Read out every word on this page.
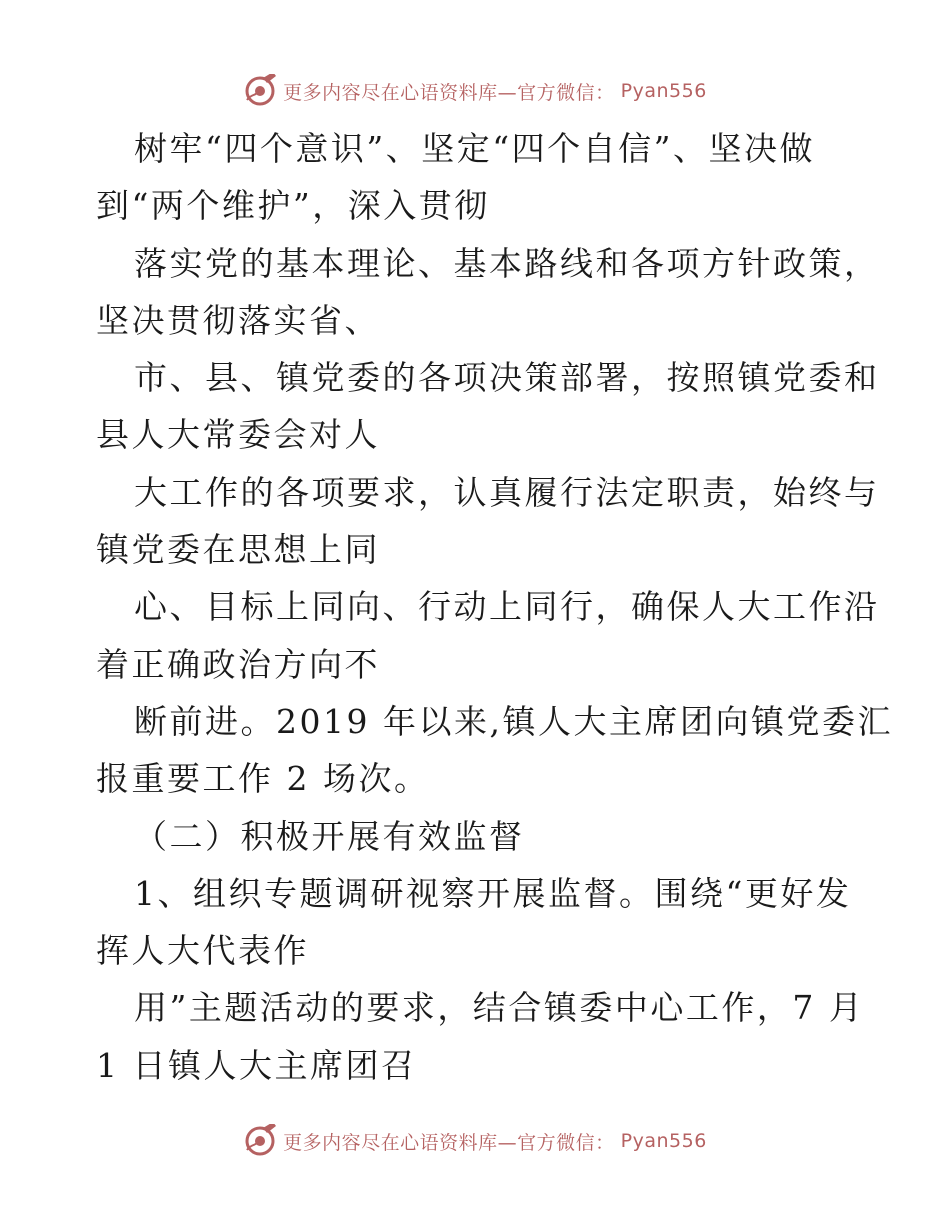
更多内容尽在心语资料库—官方微信： Pyan556
树牢“四个意识”、坚定“四个自信”、坚决做
到“两个维护”，深入贯彻
落实党的基本理论、基本路线和各项方针政策，
坚决贯彻落实省、
市、县、镇党委的各项决策部署，按照镇党委和
县人大常委会对人
大工作的各项要求，认真履行法定职责，始终与
镇党委在思想上同
心、目标上同向、行动上同行，确保人大工作沿
着正确政治方向不
断前进。2019 年以来,镇人大主席团向镇党委汇
报重要工作 2 场次。
（二）积极开展有效监督
1、组织专题调研视察开展监督。围绕“更好发
挥人大代表作
用”主题活动的要求，结合镇委中心工作，7 月
1 日镇人大主席团召
更多内容尽在心语资料库—官方微信： Pyan556
